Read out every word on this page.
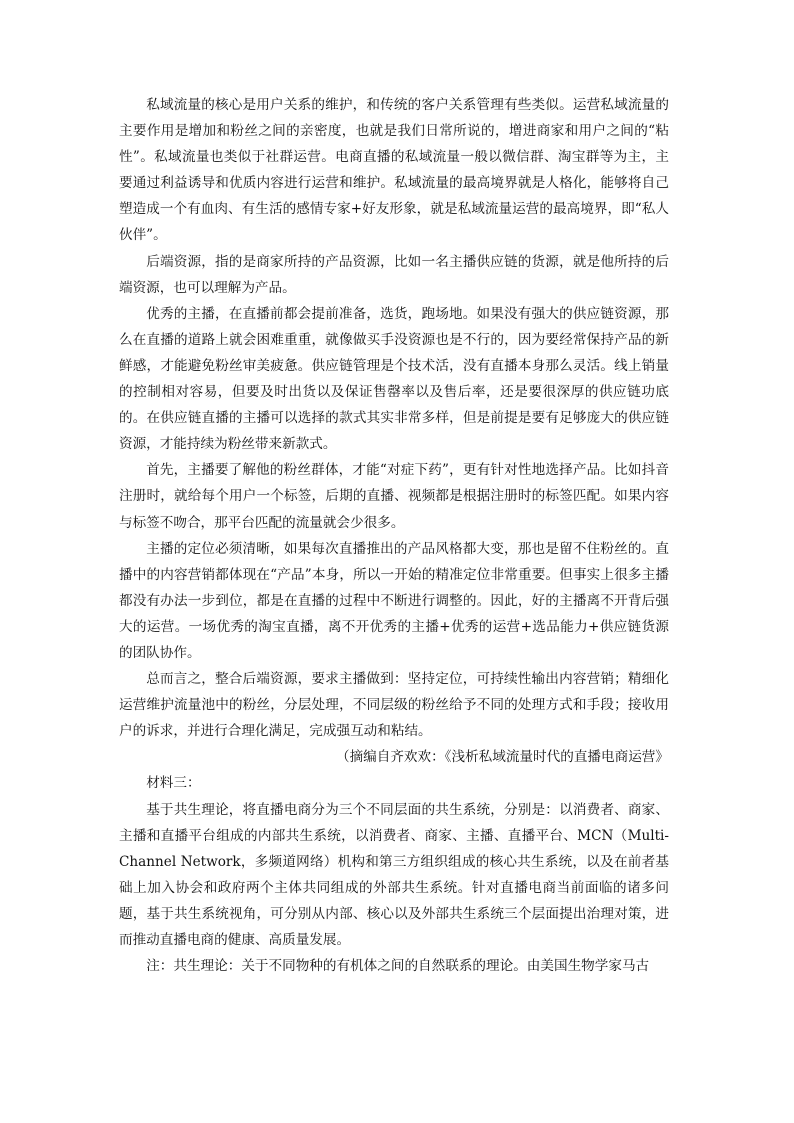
私域流量的核心是用户关系的维护，和传统的客户关系管理有些类似。运营私域流量的主要作用是增加和粉丝之间的亲密度，也就是我们日常所说的，增进商家和用户之间的“粘性”。私域流量也类似于社群运营。电商直播的私域流量一般以微信群、淘宝群等为主，主要通过利益诱导和优质内容进行运营和维护。私域流量的最高境界就是人格化，能够将自己塑造成一个有血肉、有生活的感情专家+好友形象，就是私域流量运营的最高境界，即“私人伙伴”。

后端资源，指的是商家所持的产品资源，比如一名主播供应链的货源，就是他所持的后端资源，也可以理解为产品。

优秀的主播，在直播前都会提前准备，选货，跑场地。如果没有强大的供应链资源，那么在直播的道路上就会困难重重，就像做买手没资源也是不行的，因为要经常保持产品的新鲜感，才能避免粉丝审美疲惫。供应链管理是个技术活，没有直播本身那么灵活。线上销量的控制相对容易，但要及时出货以及保证售罄率以及售后率，还是要很深厚的供应链功底的。在供应链直播的主播可以选择的款式其实非常多样，但是前提是要有足够庞大的供应链资源，才能持续为粉丝带来新款式。

首先，主播要了解他的粉丝群体，才能“对症下药”，更有针对性地选择产品。比如抖音注册时，就给每个用户一个标签，后期的直播、视频都是根据注册时的标签匹配。如果内容与标签不吻合，那平台匹配的流量就会少很多。

主播的定位必须清晰，如果每次直播推出的产品风格都大变，那也是留不住粉丝的。直播中的内容营销都体现在“产品”本身，所以一开始的精准定位非常重要。但事实上很多主播都没有办法一步到位，都是在直播的过程中不断进行调整的。因此，好的主播离不开背后强大的运营。一场优秀的淘宝直播，离不开优秀的主播+优秀的运营+选品能力+供应链货源的团队协作。

总而言之，整合后端资源，要求主播做到：坚持定位，可持续性输出内容营销；精细化运营维护流量池中的粉丝，分层处理，不同层级的粉丝给予不同的处理方式和手段；接收用户的诉求，并进行合理化满足，完成强互动和粘结。

（摘编自齐欢欢：《浅析私域流量时代的直播电商运营》

材料三：

基于共生理论，将直播电商分为三个不同层面的共生系统，分别是：以消费者、商家、主播和直播平台组成的内部共生系统，以消费者、商家、主播、直播平台、MCN（Multi-Channel Network，多频道网络）机构和第三方组织组成的核心共生系统，以及在前者基础上加入协会和政府两个主体共同组成的外部共生系统。针对直播电商当前面临的诸多问题，基于共生系统视角，可分别从内部、核心以及外部共生系统三个层面提出治理对策，进而推动直播电商的健康、高质量发展。

注：共生理论：关于不同物种的有机体之间的自然联系的理论。由美国生物学家马古
